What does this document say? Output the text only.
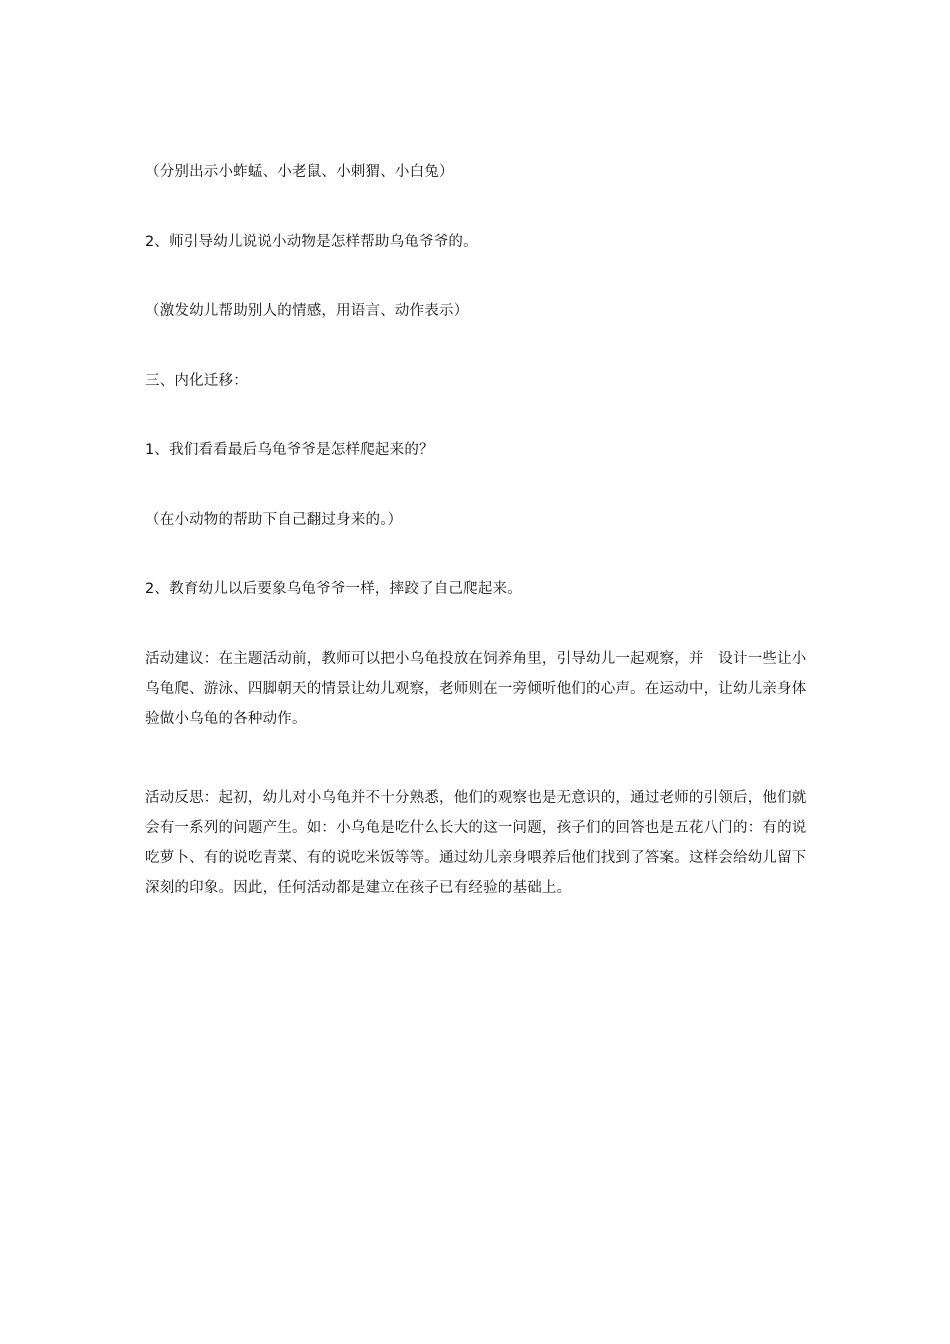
（分别出示小蚱蜢、小老鼠、小刺猬、小白兔）

2、师引导幼儿说说小动物是怎样帮助乌龟爷爷的。

（激发幼儿帮助别人的情感，用语言、动作表示）

三、内化迁移：

1、我们看看最后乌龟爷爷是怎样爬起来的？

（在小动物的帮助下自己翻过身来的。）

2、教育幼儿以后要象乌龟爷爷一样，摔跤了自己爬起来。

活动建议：在主题活动前，教师可以把小乌龟投放在饲养角里，引导幼儿一起观察，并　设计一些让小乌龟爬、游泳、四脚朝天的情景让幼儿观察，老师则在一旁倾听他们的心声。在运动中，让幼儿亲身体验做小乌龟的各种动作。

活动反思：起初，幼儿对小乌龟并不十分熟悉，他们的观察也是无意识的，通过老师的引领后，他们就会有一系列的问题产生。如：小乌龟是吃什么长大的这一问题，孩子们的回答也是五花八门的：有的说吃萝卜、有的说吃青菜、有的说吃米饭等等。通过幼儿亲身喂养后他们找到了答案。这样会给幼儿留下深刻的印象。因此，任何活动都是建立在孩子已有经验的基础上。
